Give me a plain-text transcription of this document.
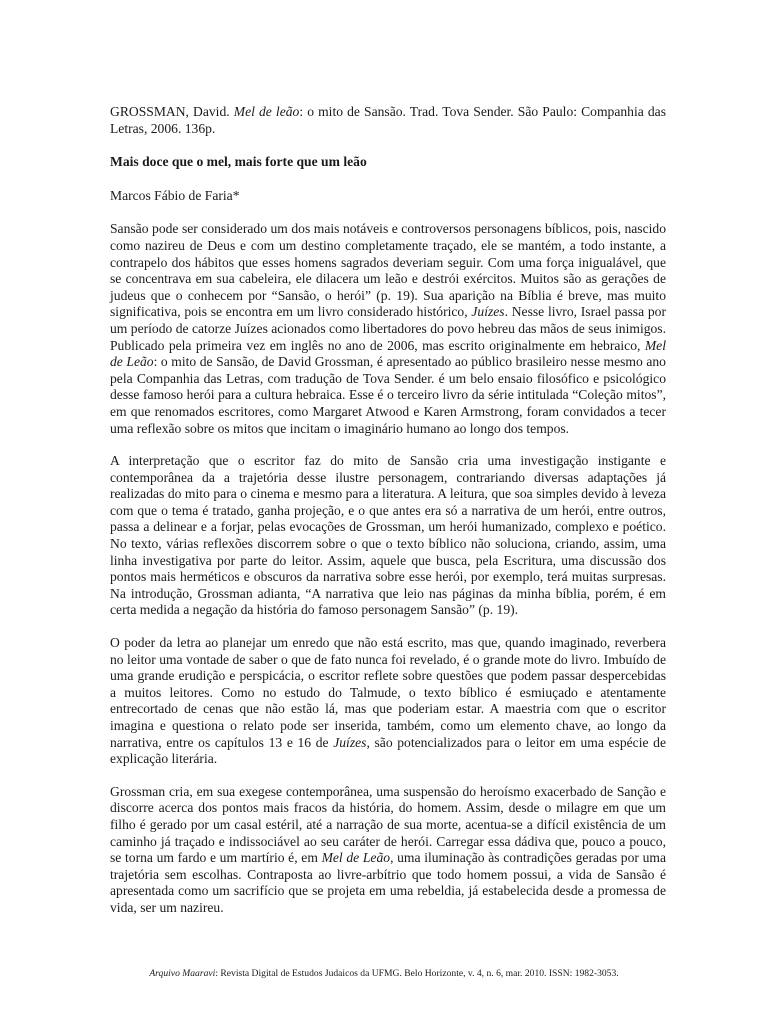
GROSSMAN, David. Mel de leão: o mito de Sansão. Trad. Tova Sender. São Paulo: Companhia das Letras, 2006. 136p.

Mais doce que o mel, mais forte que um leão

Marcos Fábio de Faria*

Sansão pode ser considerado um dos mais notáveis e controversos personagens bíblicos, pois, nascido como nazireu de Deus e com um destino completamente traçado, ele se mantém, a todo instante, a contrapelo dos hábitos que esses homens sagrados deveriam seguir. Com uma força inigualável, que se concentrava em sua cabeleira, ele dilacera um leão e destrói exércitos. Muitos são as gerações de judeus que o conhecem por “Sansão, o herói” (p. 19). Sua aparição na Bíblia é breve, mas muito significativa, pois se encontra em um livro considerado histórico, Juízes. Nesse livro, Israel passa por um período de catorze Juízes acionados como libertadores do povo hebreu das mãos de seus inimigos. Publicado pela primeira vez em inglês no ano de 2006, mas escrito originalmente em hebraico, Mel de Leão: o mito de Sansão, de David Grossman, é apresentado ao público brasileiro nesse mesmo ano pela Companhia das Letras, com tradução de Tova Sender. é um belo ensaio filosófico e psicológico desse famoso herói para a cultura hebraica. Esse é o terceiro livro da série intitulada “Coleção mitos”, em que renomados escritores, como Margaret Atwood e Karen Armstrong, foram convidados a tecer uma reflexão sobre os mitos que incitam o imaginário humano ao longo dos tempos.

A interpretação que o escritor faz do mito de Sansão cria uma investigação instigante e contemporânea da a trajetória desse ilustre personagem, contrariando diversas adaptações já realizadas do mito para o cinema e mesmo para a literatura. A leitura, que soa simples devido à leveza com que o tema é tratado, ganha projeção, e o que antes era só a narrativa de um herói, entre outros, passa a delinear e a forjar, pelas evocações de Grossman, um herói humanizado, complexo e poético. No texto, várias reflexões discorrem sobre o que o texto bíblico não soluciona, criando, assim, uma linha investigativa por parte do leitor. Assim, aquele que busca, pela Escritura, uma discussão dos pontos mais herméticos e obscuros da narrativa sobre esse herói, por exemplo, terá muitas surpresas. Na introdução, Grossman adianta, “A narrativa que leio nas páginas da minha bíblia, porém, é em certa medida a negação da história do famoso personagem Sansão” (p. 19).

O poder da letra ao planejar um enredo que não está escrito, mas que, quando imaginado, reverbera no leitor uma vontade de saber o que de fato nunca foi revelado, é o grande mote do livro. Imbuído de uma grande erudição e perspicácia, o escritor reflete sobre questões que podem passar despercebidas a muitos leitores. Como no estudo do Talmude, o texto bíblico é esmiuçado e atentamente entrecortado de cenas que não estão lá, mas que poderiam estar. A maestria com que o escritor imagina e questiona o relato pode ser inserida, também, como um elemento chave, ao longo da narrativa, entre os capítulos 13 e 16 de Juízes, são potencializados para o leitor em uma espécie de explicação literária.

Grossman cria, em sua exegese contemporânea, uma suspensão do heroísmo exacerbado de Sanção e discorre acerca dos pontos mais fracos da história, do homem. Assim, desde o milagre em que um filho é gerado por um casal estéril, até a narração de sua morte, acentua-se a difícil existência de um caminho já traçado e indissociável ao seu caráter de herói. Carregar essa dádiva que, pouco a pouco, se torna um fardo e um martírio é, em Mel de Leão, uma iluminação às contradições geradas por uma trajetória sem escolhas. Contraposta ao livre-arbítrio que todo homem possui, a vida de Sansão é apresentada como um sacrifício que se projeta em uma rebeldia, já estabelecida desde a promessa de vida, ser um nazireu.

Arquivo Maaravi: Revista Digital de Estudos Judaicos da UFMG. Belo Horizonte, v. 4, n. 6, mar. 2010. ISSN: 1982-3053.
